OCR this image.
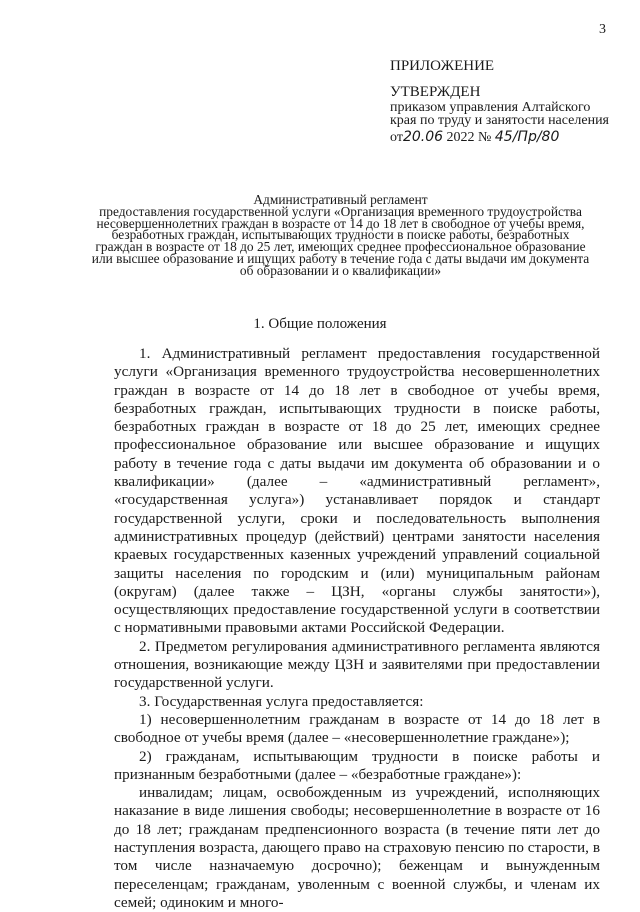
3
ПРИЛОЖЕНИЕ
УТВЕРЖДЕН
приказом управления Алтайского края по труду и занятости населения
от20.06 2022 № 45/Пр/80
Административный регламент
предоставления государственной услуги «Организация временного трудоустройства несовершеннолетних граждан в возрасте от 14 до 18 лет в свободное от учебы время, безработных граждан, испытывающих трудности в поиске работы, безработных граждан в возрасте от 18 до 25 лет, имеющих среднее профессиональное образование или высшее образование и ищущих работу в течение года с даты выдачи им документа об образовании и о квалификации»
1. Общие положения

1. Административный регламент предоставления государственной услуги «Организация временного трудоустройства несовершеннолетних граждан в возрасте от 14 до 18 лет в свободное от учебы время, безработных граждан, испытывающих трудности в поиске работы, безработных граждан в возрасте от 18 до 25 лет, имеющих среднее профессиональное образование или высшее образование и ищущих работу в течение года с даты выдачи им документа об образовании и о квалификации» (далее – «административный регламент», «государственная услуга») устанавливает порядок и стандарт государственной услуги, сроки и последовательность выполнения административных процедур (действий) центрами занятости населения краевых государственных казенных учреждений управлений социальной защиты населения по городским и (или) муниципальным районам (округам) (далее также – ЦЗН, «органы службы занятости»), осуществляющих предоставление государственной услуги в соответствии с нормативными правовыми актами Российской Федерации.

2. Предметом регулирования административного регламента являются отношения, возникающие между ЦЗН и заявителями при предоставлении государственной услуги.

3. Государственная услуга предоставляется:

1) несовершеннолетним гражданам в возрасте от 14 до 18 лет в свободное от учебы время (далее – «несовершеннолетние граждане»);

2) гражданам, испытывающим трудности в поиске работы и признанным безработными (далее – «безработные граждане»):

инвалидам; лицам, освобожденным из учреждений, исполняющих наказание в виде лишения свободы; несовершеннолетние в возрасте от 16 до 18 лет; гражданам предпенсионного возраста (в течение пяти лет до наступления возраста, дающего право на страховую пенсию по старости, в том числе назначаемую досрочно); беженцам и вынужденным переселенцам; гражданам, уволенным с военной службы, и членам их семей; одиноким и много-
